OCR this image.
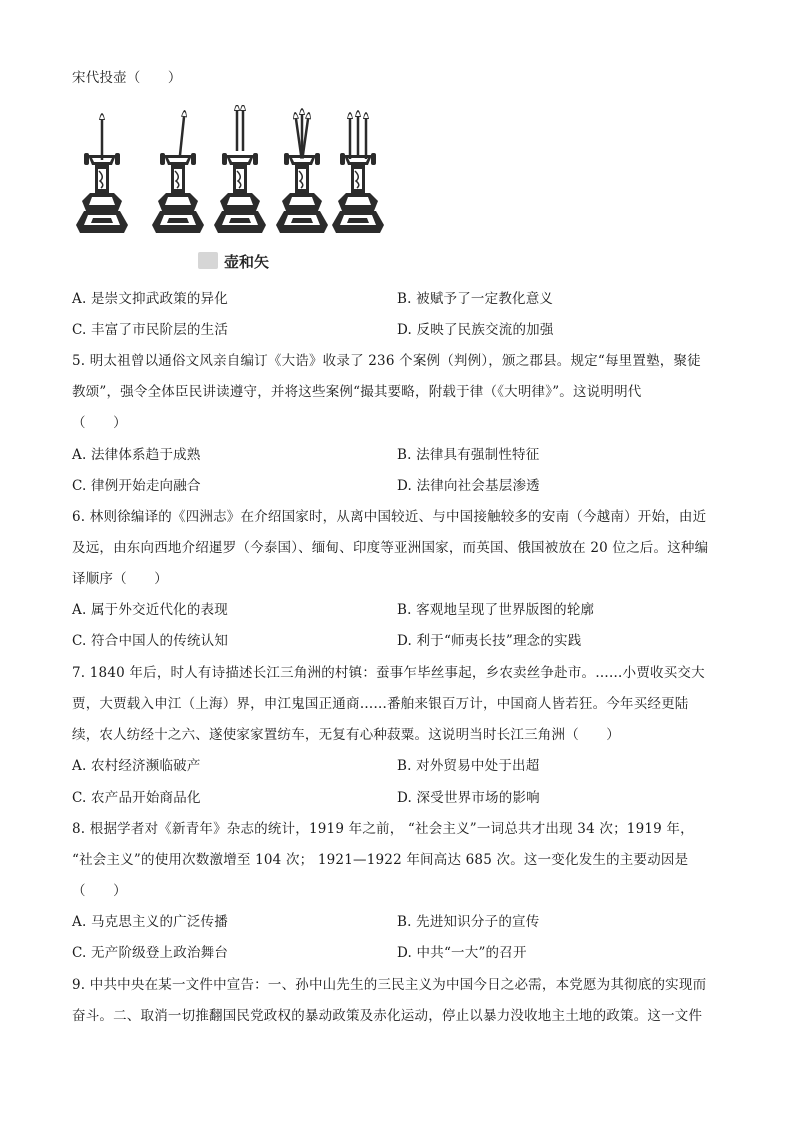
宋代投壶（　　）
壶和矢
A. 是崇文抑武政策的异化	B. 被赋予了一定教化意义
C. 丰富了市民阶层的生活	D. 反映了民族交流的加强
5. 明太祖曾以通俗文风亲自编订《大诰》收录了 236 个案例（判例），颁之郡县。规定“每里置塾，聚徒
教颂”，强令全体臣民讲读遵守，并将这些案例“撮其要略，附载于律（《大明律》”。这说明明代
（　　）
A. 法律体系趋于成熟	B. 法律具有强制性特征
C. 律例开始走向融合	D. 法律向社会基层渗透
6. 林则徐编译的《四洲志》在介绍国家时，从离中国较近、与中国接触较多的安南（今越南）开始，由近
及远，由东向西地介绍暹罗（今泰国）、缅甸、印度等亚洲国家，而英国、俄国被放在 20 位之后。这种编
译顺序（　　）
A. 属于外交近代化的表现	B. 客观地呈现了世界版图的轮廓
C. 符合中国人的传统认知	D. 利于“师夷长技”理念的实践
7. 1840 年后，时人有诗描述长江三角洲的村镇：蚕事乍毕丝事起，乡农卖丝争赴市。……小贾收买交大
贾，大贾载入申江（上海）界，申江鬼国正通商……番舶来银百万计，中国商人皆若狂。今年买经更陆
续，农人纺经十之六、遂使家家置纺车，无复有心种菽粟。这说明当时长江三角洲（　　）
A. 农村经济濒临破产	B. 对外贸易中处于出超
C. 农产品开始商品化	D. 深受世界市场的影响
8. 根据学者对《新青年》杂志的统计，1919 年之前， “社会主义”一词总共才出现 34 次；1919 年，
“社会主义”的使用次数激增至 104 次； 1921—1922 年间高达 685 次。这一变化发生的主要动因是
（　　）
A. 马克思主义的广泛传播	B. 先进知识分子的宣传
C. 无产阶级登上政治舞台	D. 中共“一大”的召开
9. 中共中央在某一文件中宣告：一、孙中山先生的三民主义为中国今日之必需，本党愿为其彻底的实现而
奋斗。二、取消一切推翻国民党政权的暴动政策及赤化运动，停止以暴力没收地主土地的政策。这一文件
